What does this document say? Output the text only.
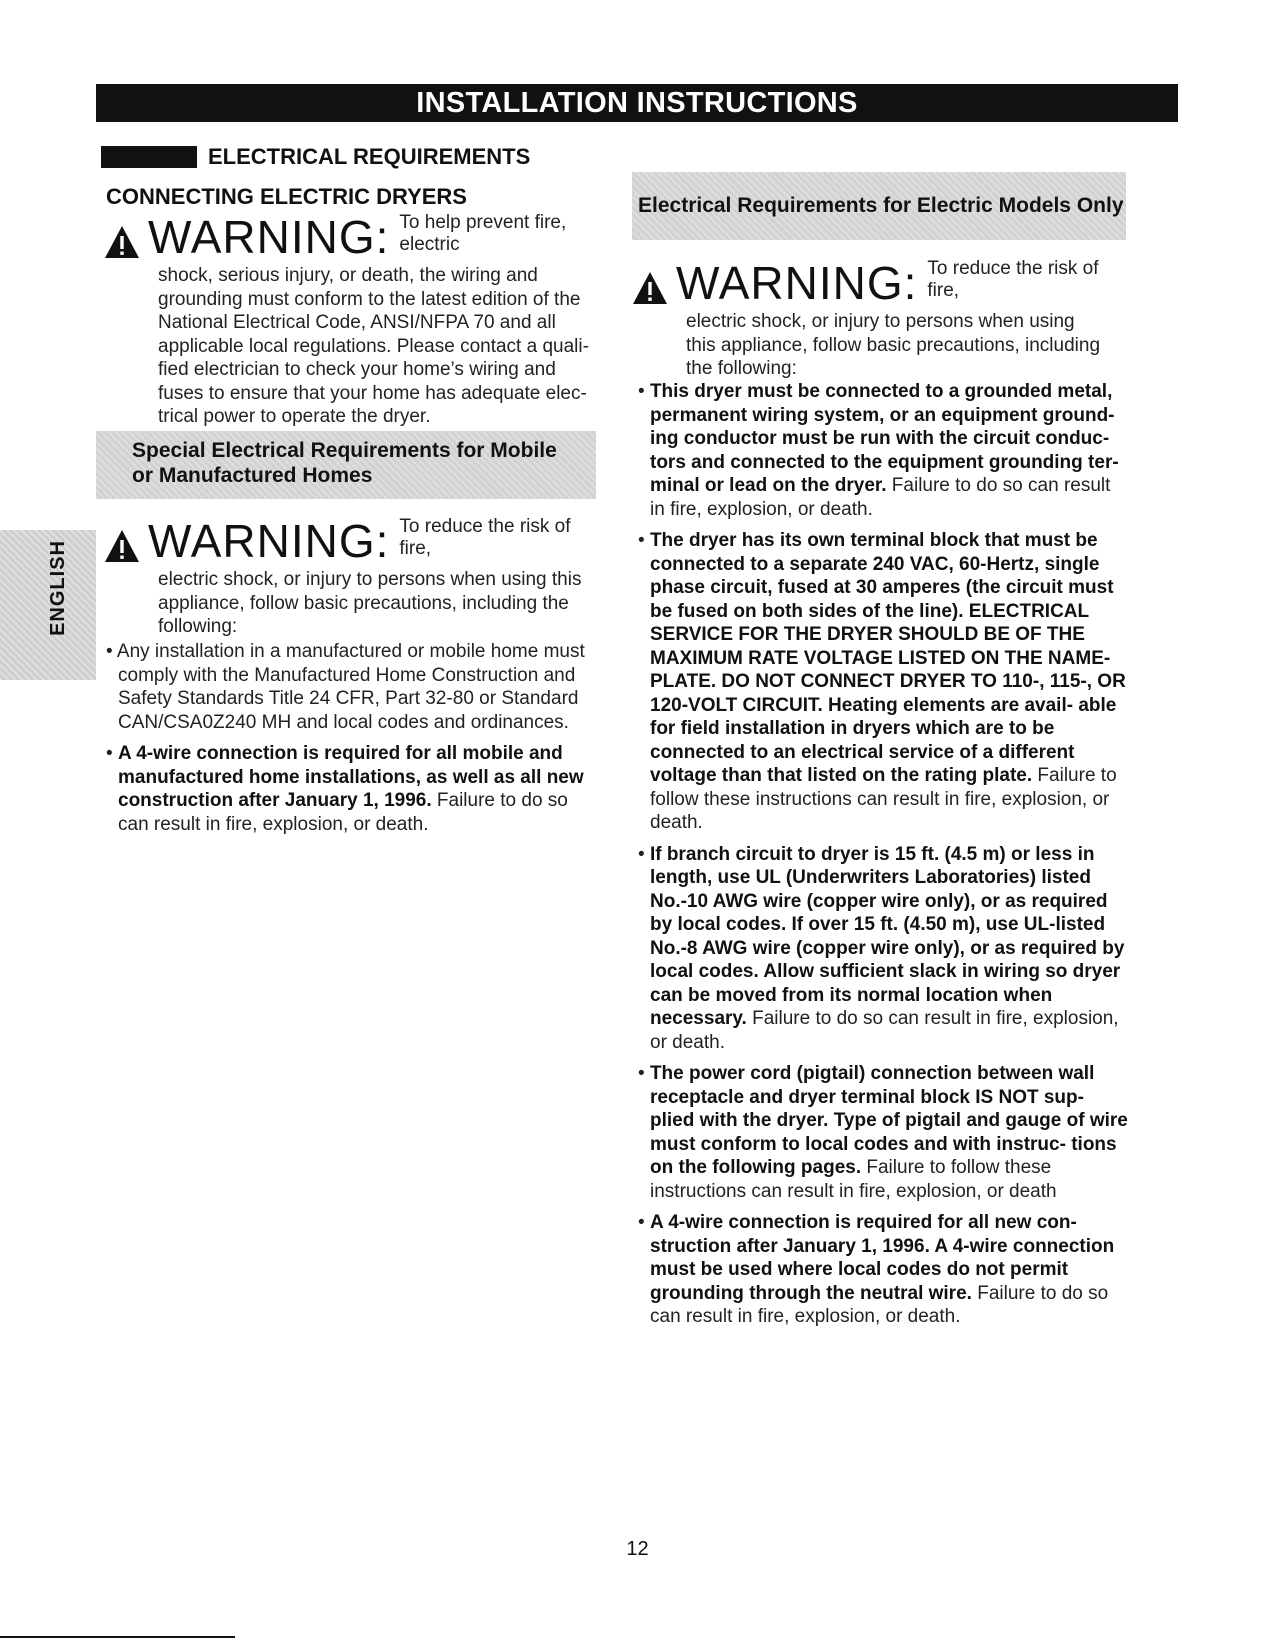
INSTALLATION INSTRUCTIONS
ENGLISH
ELECTRICAL REQUIREMENTS
CONNECTING ELECTRIC DRYERS
WARNING: To help prevent fire, electric
shock, serious injury, or death, the wiring and grounding must conform to the latest edition of the National Electrical Code, ANSI/NFPA 70 and all applicable local regulations. Please contact a quali- fied electrician to check your home’s wiring and fuses to ensure that your home has adequate elec- trical power to operate the dryer.
Special Electrical Requirements for Mobile
or Manufactured Homes
WARNING: To reduce the risk of fire,
electric shock, or injury to persons when using this appliance, follow basic precautions, including the following:
• Any installation in a manufactured or mobile home must comply with the Manufactured Home Construction and Safety Standards Title 24 CFR, Part 32-80 or Standard CAN/CSA0Z240 MH and local codes and ordinances.
• A 4-wire connection is required for all mobile and manufactured home installations, as well as all new construction after January 1, 1996. Failure to do so can result in fire, explosion, or death.
Electrical Requirements for Electric Models Only
WARNING: To reduce the risk of fire,
electric shock, or injury to persons when using this appliance, follow basic precautions, including the following:
• This dryer must be connected to a grounded metal, permanent wiring system, or an equipment ground- ing conductor must be run with the circuit conduc- tors and connected to the equipment grounding ter- minal or lead on the dryer. Failure to do so can result in fire, explosion, or death.
• The dryer has its own terminal block that must be connected to a separate 240 VAC, 60-Hertz, single phase circuit, fused at 30 amperes (the circuit must be fused on both sides of the line). ELECTRICAL SERVICE FOR THE DRYER SHOULD BE OF THE MAXIMUM RATE VOLTAGE LISTED ON THE NAME- PLATE. DO NOT CONNECT DRYER TO 110-, 115-, OR 120-VOLT CIRCUIT. Heating elements are avail- able for field installation in dryers which are to be connected to an electrical service of a different voltage than that listed on the rating plate. Failure to follow these instructions can result in fire, explosion, or death.
• If branch circuit to dryer is 15 ft. (4.5 m) or less in length, use UL (Underwriters Laboratories) listed No.-10 AWG wire (copper wire only), or as required by local codes. If over 15 ft. (4.50 m), use UL-listed No.-8 AWG wire (copper wire only), or as required by local codes. Allow sufficient slack in wiring so dryer can be moved from its normal location when necessary. Failure to do so can result in fire, explosion, or death.
• The power cord (pigtail) connection between wall receptacle and dryer terminal block IS NOT sup- plied with the dryer. Type of pigtail and gauge of wire must conform to local codes and with instruc- tions on the following pages. Failure to follow these instructions can result in fire, explosion, or death
• A 4-wire connection is required for all new con- struction after January 1, 1996. A 4-wire connection must be used where local codes do not permit grounding through the neutral wire. Failure to do so can result in fire, explosion, or death.
12
